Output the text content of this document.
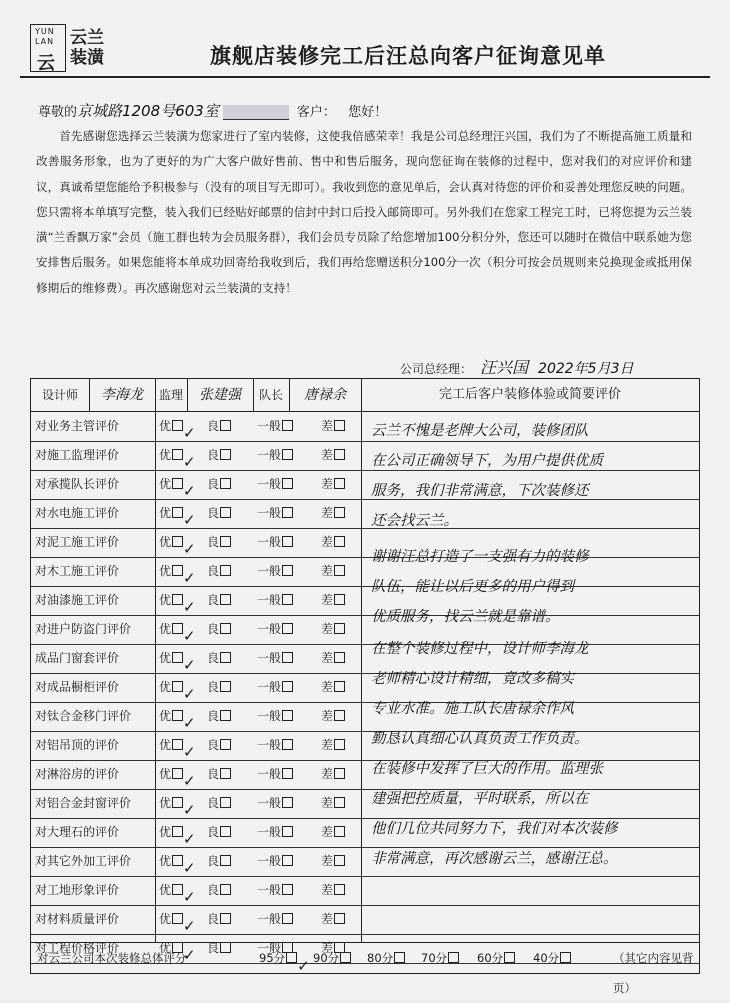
YUN
LAN
云
云兰
装潢	旗舰店装修完工后汪总向客户征询意见单
尊敬的京城路1208号603室	客户： 您好！

首先感谢您选择云兰装潢为您家进行了室内装修，这使我倍感荣幸！我是公司总经理汪兴国，我们为了不断提高施工质量和改善服务形象，也为了更好的为广大客户做好售前、售中和售后服务，现向您征询在装修的过程中，您对我们的对应评价和建议，真诚希望您能给予积极参与（没有的项目写无即可）。我收到您的意见单后，会认真对待您的评价和妥善处理您反映的问题。您只需将本单填写完整，装入我们已经贴好邮票的信封中封口后投入邮筒即可。另外我们在您家工程完工时，已将您提为云兰装潢“兰香飘万家”会员（施工群也转为会员服务群），我们会员专员除了给您增加100分积分外，您还可以随时在微信中联系她为您安排售后服务。如果您能将本单成功回寄给我收到后，我们再给您赠送积分100分一次（积分可按会员规则来兑换现金或抵用保修期后的维修费）。再次感谢您对云兰装潢的支持！

公司总经理： 汪兴国 2022年5月3日
设计师	李海龙	监理	张建强	队长	唐禄余	完工后客户装修体验或简要评价
对业务主管评价	优 ✓ 良	一般	差
对施工监理评价	优 ✓ 良	一般	差
对承揽队长评价	优 ✓ 良	一般	差
对水电施工评价	优 ✓ 良	一般	差
对泥工施工评价	优 ✓ 良	一般	差
对木工施工评价	优 ✓ 良	一般	差
对油漆施工评价	优 ✓ 良	一般	差
对进户防盗门评价	优 ✓ 良	一般	差
成品门窗套评价	优 ✓ 良	一般	差
对成品橱柜评价	优 ✓ 良	一般	差
对钛合金移门评价	优 ✓ 良	一般	差
对铝吊顶的评价	优 ✓ 良	一般	差
对淋浴房的评价	优 ✓ 良	一般	差
对铝合金封窗评价	优 ✓ 良	一般	差
对大理石的评价	优 ✓ 良	一般	差
对其它外加工评价	优 ✓ 良	一般	差
对工地形象评价	优 ✓ 良	一般	差
对材料质量评价	优 ✓ 良	一般	差
对工程价格评价	优 ✓ 良	一般	差
云兰不愧是老牌大公司，装修团队
在公司正确领导下，为用户提供优质
服务，我们非常满意，下次装修还
还会找云兰。
谢谢汪总打造了一支强有力的装修
队伍，能让以后更多的用户得到
优质服务，找云兰就是靠谱。
在整个装修过程中，设计师李海龙
老师精心设计精细，竟改多稿实
专业水准。施工队长唐禄余作风
勤恳认真细心认真负责工作负责。
在装修中发挥了巨大的作用。监理张
建强把控质量，平时联系，所以在
他们几位共同努力下，我们对本次装修
非常满意，再次感谢云兰，感谢汪总。
对云兰公司本次装修总体评分	95分 ✓ 90分	80分	70分	60分	40分	（其它内容见背页）
